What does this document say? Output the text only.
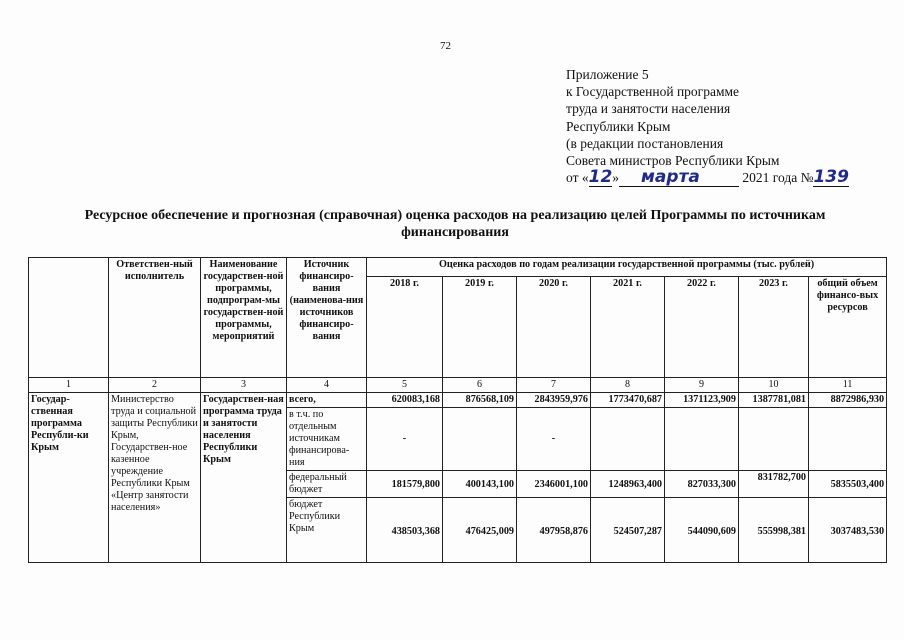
72
Приложение 5
к Государственной программе
труда и занятости населения
Республики Крым
(в редакции постановления
Совета министров Республики Крым
от «12» марта	2021 года №139
Ресурсное обеспечение и прогнозная (справочная) оценка расходов на реализацию целей Программы по источникам финансирования
	Ответствен-ный исполнитель	Наименование государствен-ной программы, подпрограм-мы государствен-ной программы, мероприятий	Источник финансиро-вания (наименова-ния источников финансиро-вания	Оценка расходов по годам реализации государственной программы (тыс. рублей)						
				2018 г.	2019 г.	2020 г.	2021 г.	2022 г.	2023 г.	общий объем финансо-вых ресурсов
1	2	3	4	5	6	7	8	9	10	11
Государ-ственная программа Республи-ки Крым	Министерство труда и социальной защиты Республики Крым, Государствен-ное казенное учреждение Республики Крым «Центр занятости населения»	Государствен-ная программа труда и занятости населения Республики Крым	всего,	620083,168	876568,109	2843959,976	1773470,687	1371123,909	1387781,081	8872986,930
			в т.ч. по отдельным источникам финансирова-ния	-		-				
			федеральный бюджет	181579,800	400143,100	2346001,100	1248963,400	827033,300	831782,700	5835503,400
			бюджет Республики Крым	438503,368	476425,009	497958,876	524507,287	544090,609	555998,381	3037483,530
